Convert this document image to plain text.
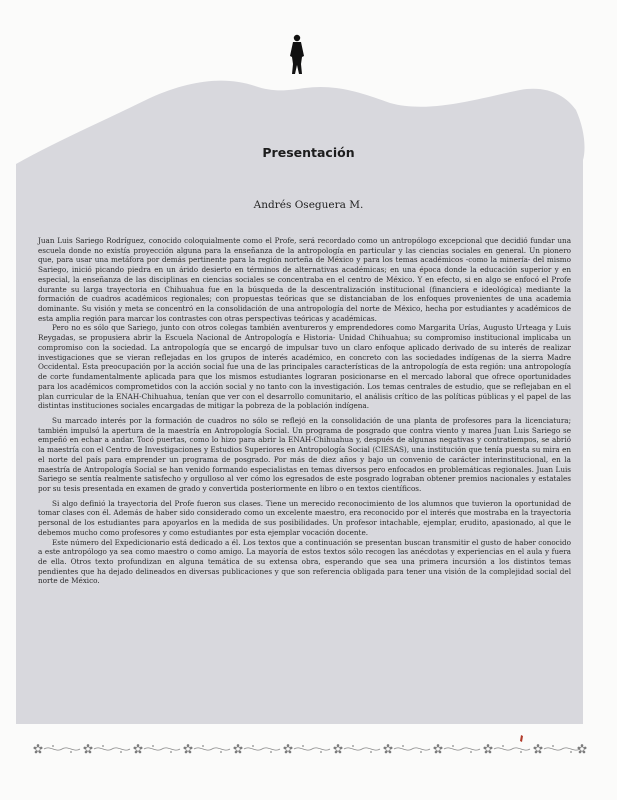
Presentación
Andrés Oseguera M.

Juan Luis Sariego Rodríguez, conocido coloquialmente como el Profe, será recordado como un antropólogo excepcional que decidió fundar una escuela donde no existía proyección alguna para la enseñanza de la antropología en particular y las ciencias sociales en general. Un pionero que, para usar una metáfora por demás pertinente para la región norteña de México y para los temas académicos -como la minería- del mismo Sariego, inició picando piedra en un árido desierto en términos de alternativas académicas; en una época donde la educación superior y en especial, la enseñanza de las disciplinas en ciencias sociales se concentraba en el centro de México. Y en efecto, si en algo se enfocó el Profe durante su larga trayectoria en Chihuahua fue en la búsqueda de la descentralización institucional (financiera e ideológica) mediante la formación de cuadros académicos regionales; con propuestas teóricas que se distanciaban de los enfoques provenientes de una academia dominante. Su visión y meta se concentró en la consolidación de una antropología del norte de México, hecha por estudiantes y académicos de esta amplia región para marcar los contrastes con otras perspectivas teóricas y académicas.

Pero no es sólo que Sariego, junto con otros colegas también aventureros y emprendedores como Margarita Urías, Augusto Urteaga y Luis Reygadas, se propusiera abrir la Escuela Nacional de Antropología e Historia- Unidad Chihuahua; su compromiso institucional implicaba un compromiso con la sociedad. La antropología que se encargó de impulsar tuvo un claro enfoque aplicado derivado de su interés de realizar investigaciones que se vieran reflejadas en los grupos de interés académico, en concreto con las sociedades indígenas de la sierra Madre Occidental. Esta preocupación por la acción social fue una de las principales características de la antropología de esta región: una antropología de corte fundamentalmente aplicada para que los mismos estudiantes lograran posicionarse en el mercado laboral que ofrece oportunidades para los académicos comprometidos con la acción social y no tanto con la investigación. Los temas centrales de estudio, que se reflejaban en el plan curricular de la ENAH-Chihuahua, tenían que ver con el desarrollo comunitario, el análisis crítico de las políticas públicas y el papel de las distintas instituciones sociales encargadas de mitigar la pobreza de la población indígena.

Su marcado interés por la formación de cuadros no sólo se reflejó en la consolidación de una planta de profesores para la licenciatura; también impulsó la apertura de la maestría en Antropología Social. Un programa de posgrado que contra viento y marea Juan Luis Sariego se empeñó en echar a andar. Tocó puertas, como lo hizo para abrir la ENAH-Chihuahua y, después de algunas negativas y contratiempos, se abrió la maestría con el Centro de Investigaciones y Estudios Superiores en Antropología Social (CIESAS), una institución que tenía puesta su mira en el norte del país para emprender un programa de posgrado. Por más de diez años y bajo un convenio de carácter interinstitucional, en la maestría de Antropología Social se han venido formando especialistas en temas diversos pero enfocados en problemáticas regionales. Juan Luis Sariego se sentía realmente satisfecho y orgulloso al ver cómo los egresados de este posgrado lograban obtener premios nacionales y estatales por su tesis presentada en examen de grado y convertida posteriormente en libro o en textos científicos.

Si algo definió la trayectoria del Profe fueron sus clases. Tiene un merecido reconocimiento de los alumnos que tuvieron la oportunidad de tomar clases con él. Además de haber sido considerado como un excelente maestro, era reconocido por el interés que mostraba en la trayectoria personal de los estudiantes para apoyarlos en la medida de sus posibilidades. Un profesor intachable, ejemplar, erudito, apasionado, al que le debemos mucho como profesores y como estudiantes por esta ejemplar vocación docente.

Este número del Expedicionario está dedicado a él. Los textos que a continuación se presentan buscan transmitir el gusto de haber conocido a este antropólogo ya sea como maestro o como amigo. La mayoría de estos textos sólo recogen las anécdotas y experiencias en el aula y fuera de ella. Otros texto profundizan en alguna temática de su extensa obra, esperando que sea una primera incursión a los distintos temas pendientes que ha dejado delineados en diversas publicaciones y que son referencia obligada para tener una visión de la complejidad social del norte de México.
